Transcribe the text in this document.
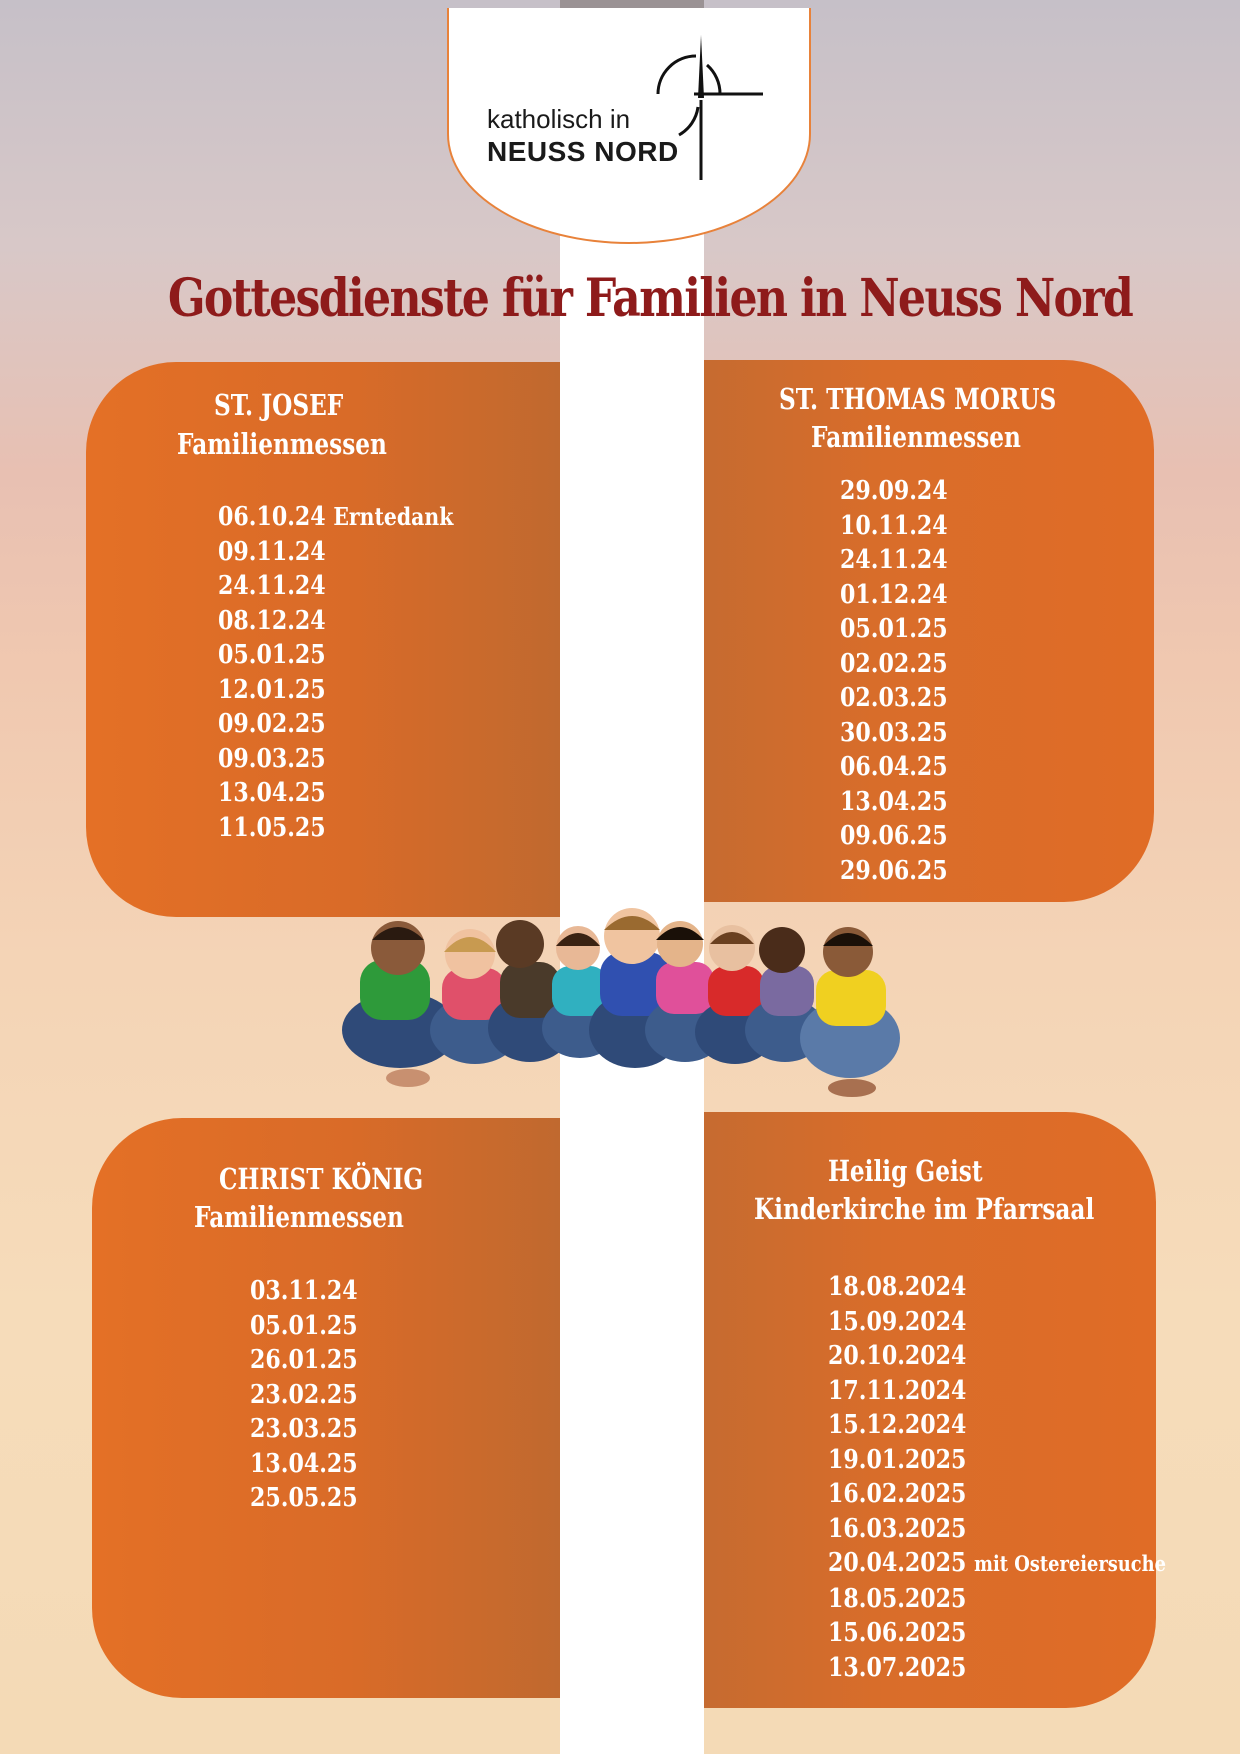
katholisch in
NEUSS NORD
Gottesdienste für Familien in Neuss Nord
ST. JOSEF
Familienmessen
06.10.24 Erntedank
09.11.24
24.11.24
08.12.24
05.01.25
12.01.25
09.02.25
09.03.25
13.04.25
11.05.25
ST. THOMAS MORUS
Familienmessen
29.09.24
10.11.24
24.11.24
01.12.24
05.01.25
02.02.25
02.03.25
30.03.25
06.04.25
13.04.25
09.06.25
29.06.25
CHRIST KÖNIG
Familienmessen
03.11.24
05.01.25
26.01.25
23.02.25
23.03.25
13.04.25
25.05.25
Heilig Geist
Kinderkirche im Pfarrsaal
18.08.2024
15.09.2024
20.10.2024
17.11.2024
15.12.2024
19.01.2025
16.02.2025
16.03.2025
20.04.2025 mit Ostereiersuche
18.05.2025
15.06.2025
13.07.2025
